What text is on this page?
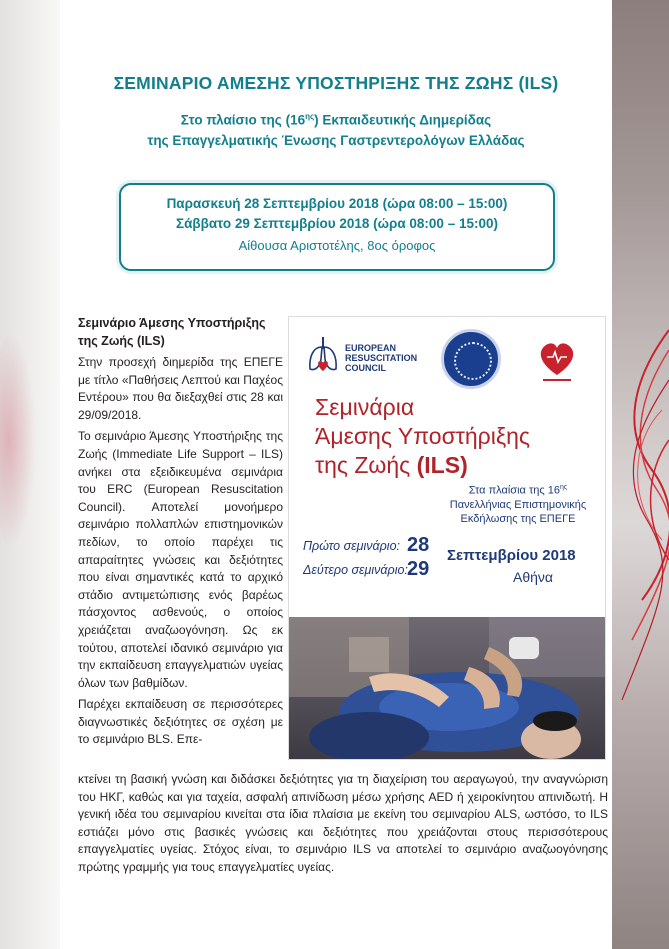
ΣΕΜΙΝΑΡΙΟ ΑΜΕΣΗΣ ΥΠΟΣΤΗΡΙΞΗΣ ΤΗΣ ΖΩΗΣ (ILS)
Στο πλαίσιο της $(16^{\eta\varsigma})$ Εκπαιδευτικής Διημερίδας
της Επαγγελματικής Ένωσης Γαστρεντερολόγων Ελλάδας
Παρασκευή 28 Σεπτεμβρίου 2018 (ώρα 08:00 – 15:00)
Σάββατο 29 Σεπτεμβρίου 2018 (ώρα 08:00 – 15:00)
Αίθουσα Αριστοτέλης, 8ος όροφος
Σεμινάριο Άμεσης Υποστήριξης της Ζωής (ILS)

Στην προσεχή διημερίδα της ΕΠΕΓΕ με τίτλο «Παθήσεις Λεπτού και Παχέος Εντέρου» που θα διεξαχθεί στις 28 και 29/09/2018.

Το σεμινάριο Άμεσης Υποστήριξης της Ζωής (Immediate Life Support – ILS) ανήκει στα εξειδικευμένα σεμινάρια του ERC (European Resuscitation Council). Αποτελεί μονοήμερο σεμινάριο πολλαπλών επιστημονικών πεδίων, το οποίο παρέχει τις απαραίτητες γνώσεις και δεξιότητες που είναι σημαντικές κατά το αρχικό στάδιο αντιμετώπισης ενός βαρέως πάσχοντος ασθενούς, ο οποίος χρειάζεται αναζωογόνηση. Ως εκ τούτου, αποτελεί ιδανικό σεμινάριο για την εκπαίδευση επαγγελματιών υγείας όλων των βαθμίδων.

Παρέχει εκπαίδευση σε περισσότερες διαγνωστικές δεξιότητες σε σχέση με το σεμινάριο BLS. Επε-

κτείνει τη βασική γνώση και διδάσκει δεξιότητες για τη διαχείριση του αεραγωγού, την αναγνώριση του ΗΚΓ, καθώς και για ταχεία, ασφαλή απινίδωση μέσω χρήσης AED ή χειροκίνητου απινιδωτή. Η γενική ιδέα του σεμιναρίου κινείται στα ίδια πλαίσια με εκείνη του σεμιναρίου ALS, ωστόσο, το ILS εστιάζει μόνο στις βασικές γνώσεις και δεξιότητες που χρειάζονται στους περισσότερους επαγγελματίες υγείας. Στόχος είναι, το σεμινάριο ILS να αποτελεί το σεμινάριο αναζωογόνησης πρώτης γραμμής για τους επαγγελματίες υγείας.
EUROPEAN
RESUSCITATION
COUNCIL
Σεμινάρια
Άμεσης Υποστήριξης
της Ζωής (ILS)
Στα πλαίσια της $16^{\eta\varsigma}$
Πανελλήνιας Επιστημονικής
Εκδήλωσης της ΕΠΕΓΕ
Πρώτο σεμινάριο: 28
Δεύτερο σεμινάριο: 29
Σεπτεμβρίου 2018
Αθήνα
